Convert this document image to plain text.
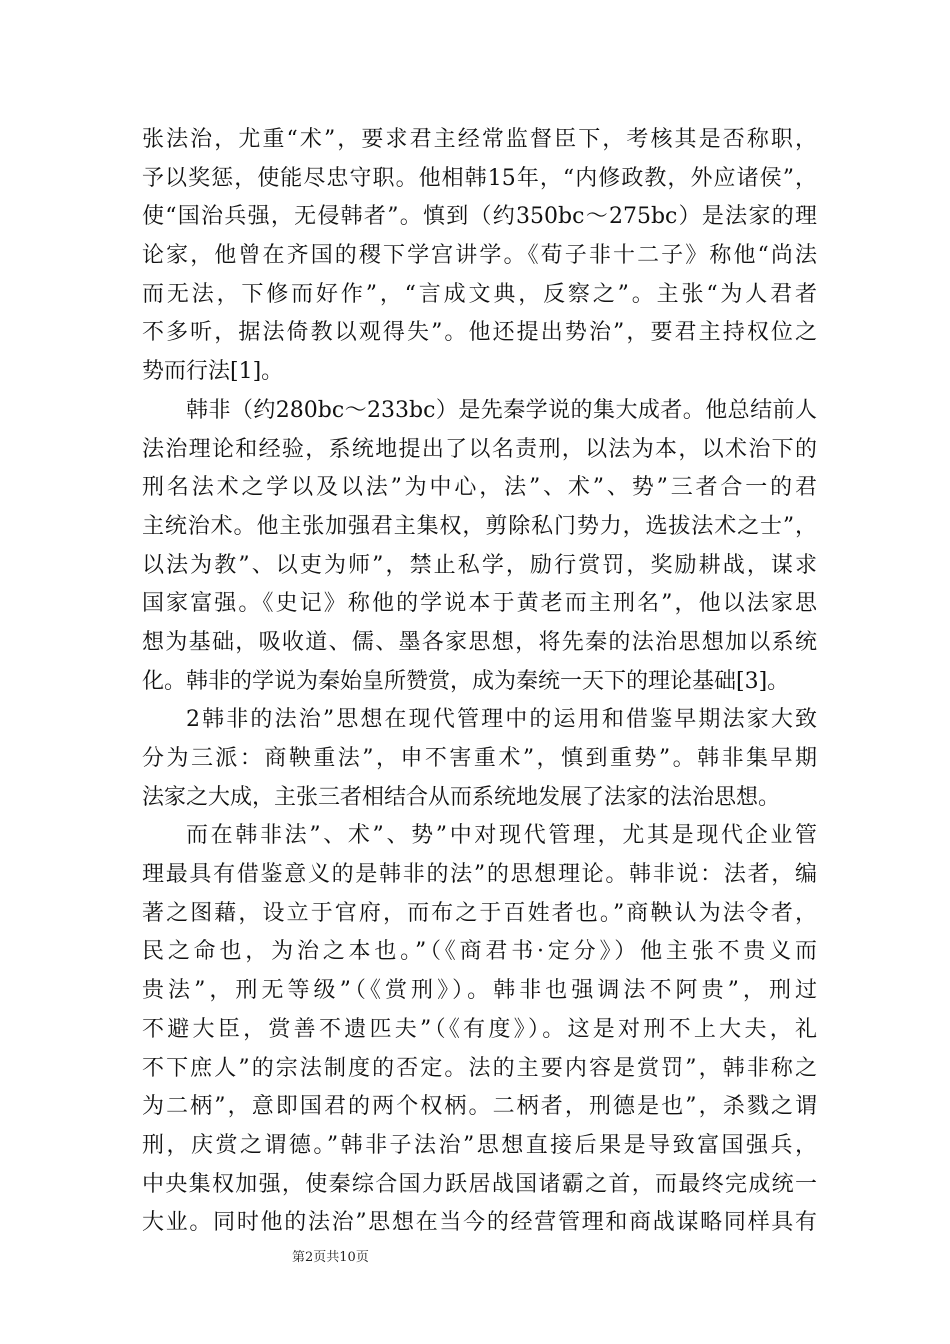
张法治，尤重“术”，要求君主经常监督臣下，考核其是否称职，
予以奖惩，使能尽忠守职。他相韩15年，“内修政教，外应诸侯”，
使“国治兵强，无侵韩者”。慎到（约350bc～275bc）是法家的理
论家，他曾在齐国的稷下学宫讲学。《荀子非十二子》称他“尚法
而无法，下修而好作”，“言成文典，反察之”。主张“为人君者
不多听，据法倚教以观得失”。他还提出势治”，要君主持权位之
势而行法[1]。
韩非（约280bc～233bc）是先秦学说的集大成者。他总结前人
法治理论和经验，系统地提出了以名责刑，以法为本，以术治下的
刑名法术之学以及以法”为中心，法”、术”、势”三者合一的君
主统治术。他主张加强君主集权，剪除私门势力，选拔法术之士”，
以法为教”、以吏为师”，禁止私学，励行赏罚，奖励耕战，谋求
国家富强。《史记》称他的学说本于黄老而主刑名”，他以法家思
想为基础，吸收道、儒、墨各家思想，将先秦的法治思想加以系统
化。韩非的学说为秦始皇所赞赏，成为秦统一天下的理论基础[3]。
2韩非的法治”思想在现代管理中的运用和借鉴早期法家大致
分为三派：商鞅重法”，申不害重术”，慎到重势”。韩非集早期
法家之大成，主张三者相结合从而系统地发展了法家的法治思想。
而在韩非法”、术”、势”中对现代管理，尤其是现代企业管
理最具有借鉴意义的是韩非的法”的思想理论。韩非说：法者，编
著之图藉，设立于官府，而布之于百姓者也。”商鞅认为法令者，
民之命也，为治之本也。”（《商君书·定分》）他主张不贵义而
贵法”，刑无等级”（《赏刑》）。韩非也强调法不阿贵”，刑过
不避大臣，赏善不遗匹夫”（《有度》）。这是对刑不上大夫，礼
不下庶人”的宗法制度的否定。法的主要内容是赏罚”，韩非称之
为二柄”，意即国君的两个权柄。二柄者，刑德是也”，杀戮之谓
刑，庆赏之谓德。”韩非子法治”思想直接后果是导致富国强兵，
中央集权加强，使秦综合国力跃居战国诸霸之首，而最终完成统一
大业。同时他的法治”思想在当今的经营管理和商战谋略同样具有
第2页共10页
